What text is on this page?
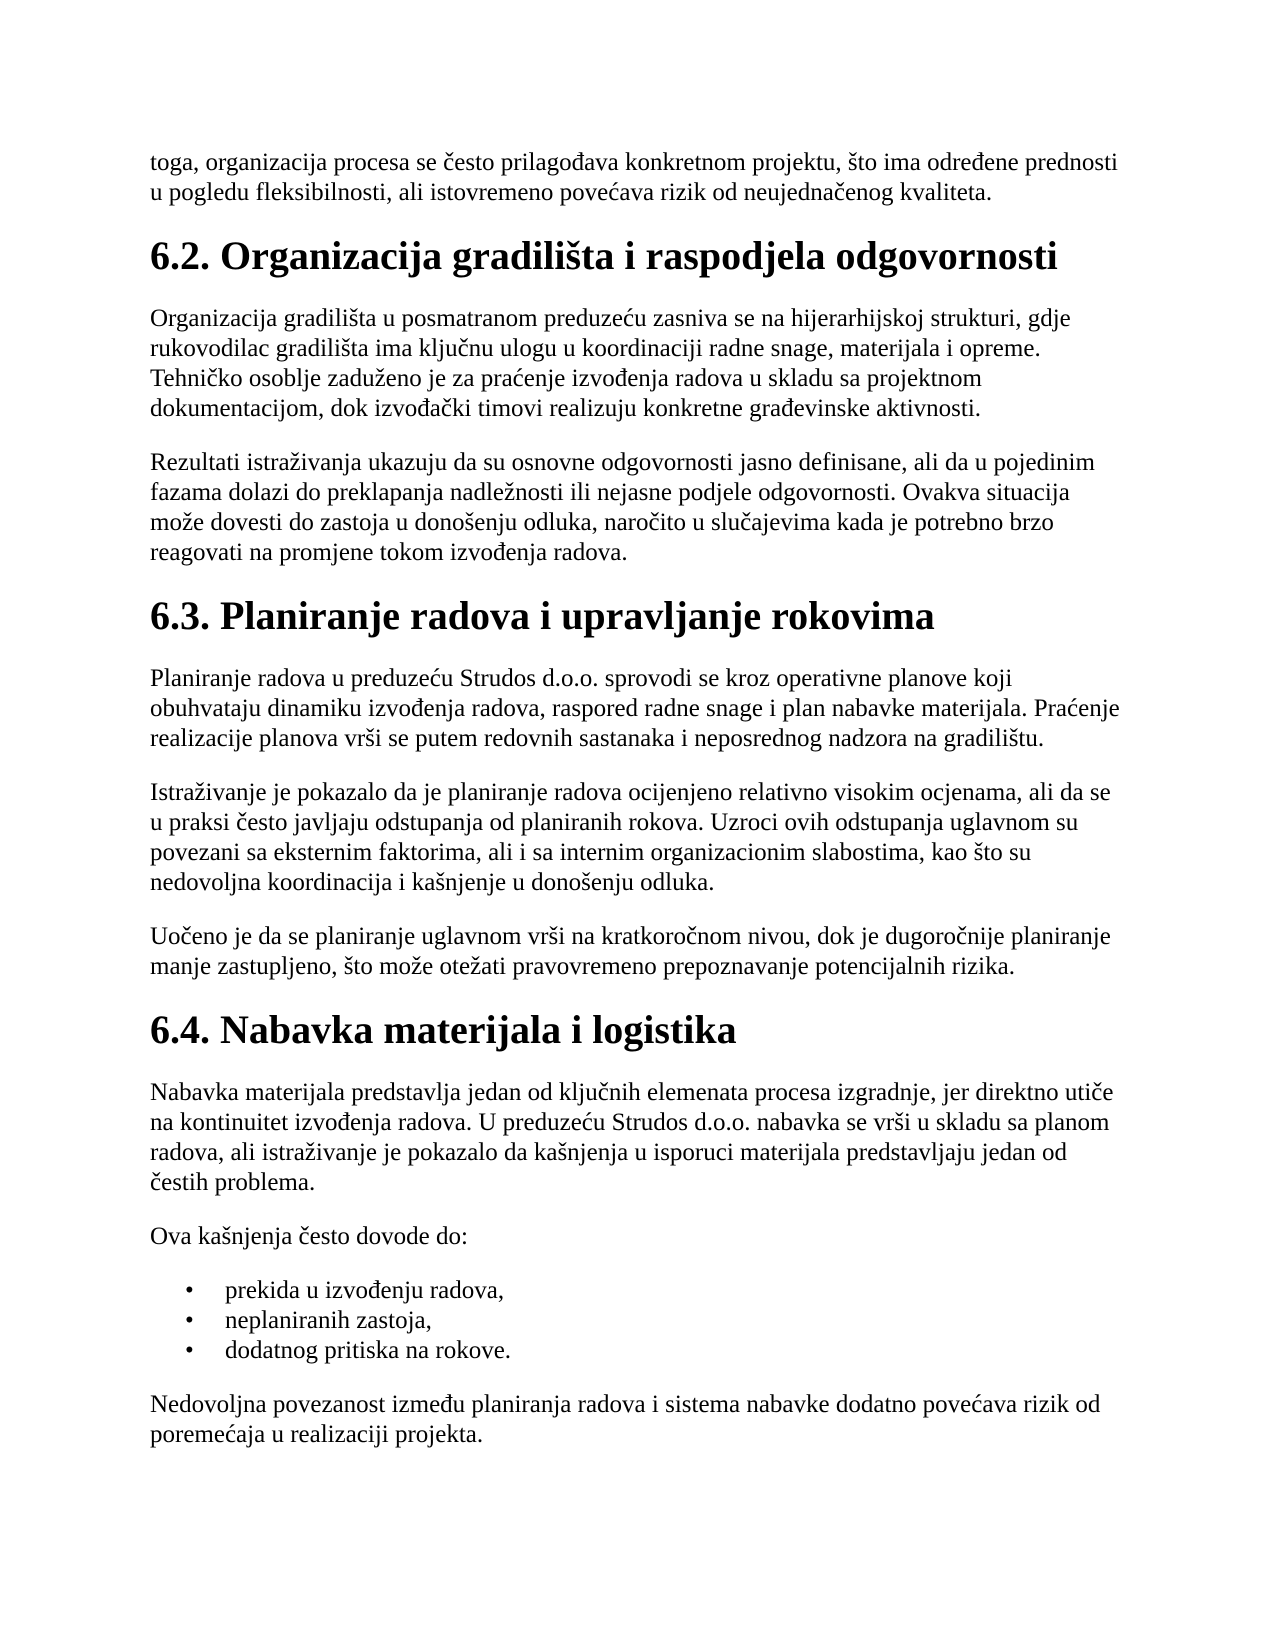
toga, organizacija procesa se često prilagođava konkretnom projektu, što ima određene prednosti u pogledu fleksibilnosti, ali istovremeno povećava rizik od neujednačenog kvaliteta.

6.2. Organizacija gradilišta i raspodjela odgovornosti

Organizacija gradilišta u posmatranom preduzeću zasniva se na hijerarhijskoj strukturi, gdje rukovodilac gradilišta ima ključnu ulogu u koordinaciji radne snage, materijala i opreme. Tehničko osoblje zaduženo je za praćenje izvođenja radova u skladu sa projektnom dokumentacijom, dok izvođački timovi realizuju konkretne građevinske aktivnosti.

Rezultati istraživanja ukazuju da su osnovne odgovornosti jasno definisane, ali da u pojedinim fazama dolazi do preklapanja nadležnosti ili nejasne podjele odgovornosti. Ovakva situacija može dovesti do zastoja u donošenju odluka, naročito u slučajevima kada je potrebno brzo reagovati na promjene tokom izvođenja radova.

6.3. Planiranje radova i upravljanje rokovima

Planiranje radova u preduzeću Strudos d.o.o. sprovodi se kroz operativne planove koji obuhvataju dinamiku izvođenja radova, raspored radne snage i plan nabavke materijala. Praćenje realizacije planova vrši se putem redovnih sastanaka i neposrednog nadzora na gradilištu.

Istraživanje je pokazalo da je planiranje radova ocijenjeno relativno visokim ocjenama, ali da se u praksi često javljaju odstupanja od planiranih rokova. Uzroci ovih odstupanja uglavnom su povezani sa eksternim faktorima, ali i sa internim organizacionim slabostima, kao što su nedovoljna koordinacija i kašnjenje u donošenju odluka.

Uočeno je da se planiranje uglavnom vrši na kratkoročnom nivou, dok je dugoročnije planiranje manje zastupljeno, što može otežati pravovremeno prepoznavanje potencijalnih rizika.

6.4. Nabavka materijala i logistika

Nabavka materijala predstavlja jedan od ključnih elemenata procesa izgradnje, jer direktno utiče na kontinuitet izvođenja radova. U preduzeću Strudos d.o.o. nabavka se vrši u skladu sa planom radova, ali istraživanje je pokazalo da kašnjenja u isporuci materijala predstavljaju jedan od čestih problema.

Ova kašnjenja često dovode do:

• prekida u izvođenju radova,
• neplaniranih zastoja,
• dodatnog pritiska na rokove.

Nedovoljna povezanost između planiranja radova i sistema nabavke dodatno povećava rizik od poremećaja u realizaciji projekta.
